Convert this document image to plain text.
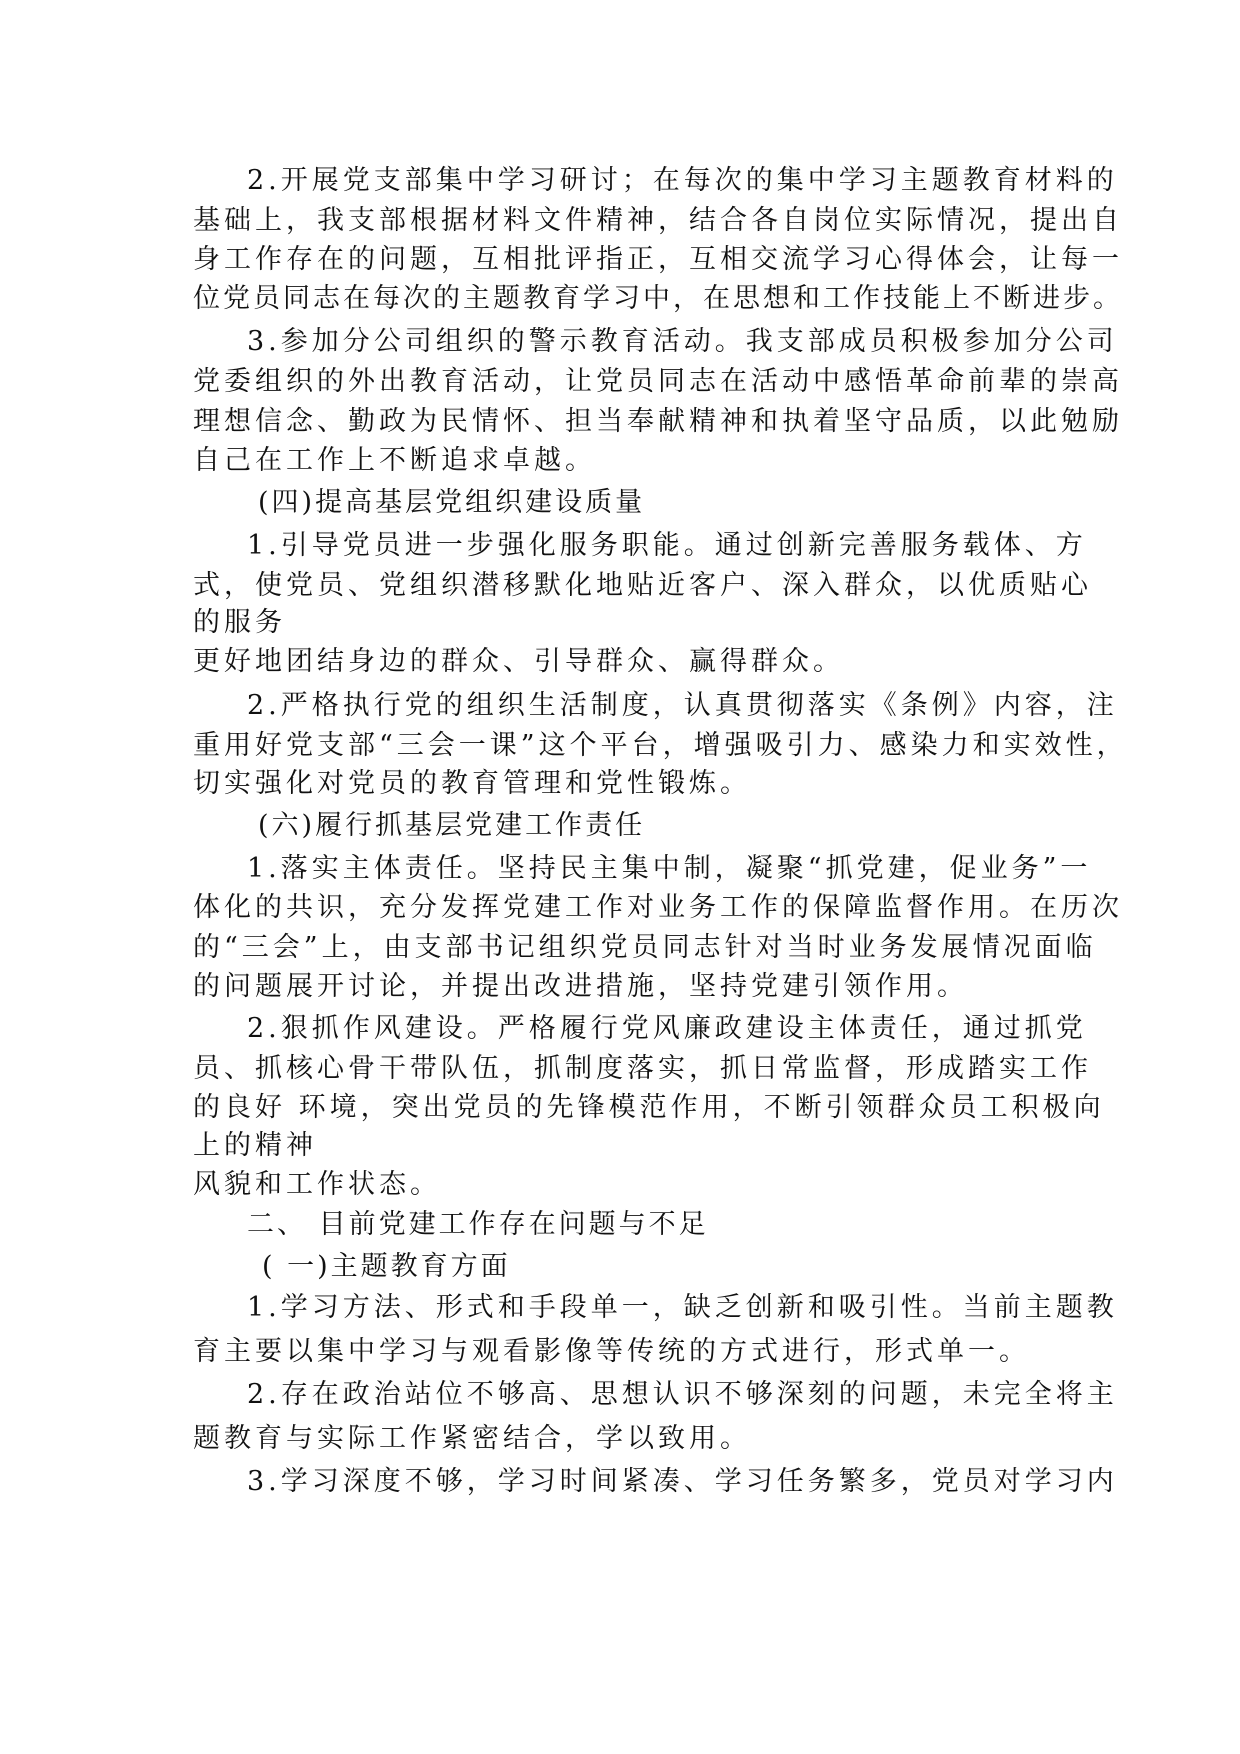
2.开展党支部集中学习研讨；在每次的集中学习主题教育材料的
基础上，我支部根据材料文件精神，结合各自岗位实际情况，提出自
身工作存在的问题，互相批评指正，互相交流学习心得体会，让每一
位党员同志在每次的主题教育学习中，在思想和工作技能上不断进步。
3.参加分公司组织的警示教育活动。我支部成员积极参加分公司
党委组织的外出教育活动，让党员同志在活动中感悟革命前辈的崇高
理想信念、勤政为民情怀、担当奉献精神和执着坚守品质，以此勉励
自己在工作上不断追求卓越。
(四)提高基层党组织建设质量
1.引导党员进一步强化服务职能。通过创新完善服务载体、方
式，使党员、党组织潜移默化地贴近客户、深入群众，以优质贴心
的服务
更好地团结身边的群众、引导群众、赢得群众。
2.严格执行党的组织生活制度，认真贯彻落实《条例》内容，注
重用好党支部“三会一课”这个平台，增强吸引力、感染力和实效性，
切实强化对党员的教育管理和党性锻炼。
(六)履行抓基层党建工作责任
1.落实主体责任。坚持民主集中制，凝聚“抓党建，促业务”一
体化的共识，充分发挥党建工作对业务工作的保障监督作用。在历次
的“三会”上，由支部书记组织党员同志针对当时业务发展情况面临
的问题展开讨论，并提出改进措施，坚持党建引领作用。
2.狠抓作风建设。严格履行党风廉政建设主体责任，通过抓党
员、抓核心骨干带队伍，抓制度落实，抓日常监督，形成踏实工作
的良好 环境，突出党员的先锋模范作用，不断引领群众员工积极向
上的精神
风貌和工作状态。
二、 目前党建工作存在问题与不足
( 一)主题教育方面
1.学习方法、形式和手段单一，缺乏创新和吸引性。当前主题教
育主要以集中学习与观看影像等传统的方式进行，形式单一。
2.存在政治站位不够高、思想认识不够深刻的问题，未完全将主
题教育与实际工作紧密结合，学以致用。
3.学习深度不够，学习时间紧凑、学习任务繁多，党员对学习内
